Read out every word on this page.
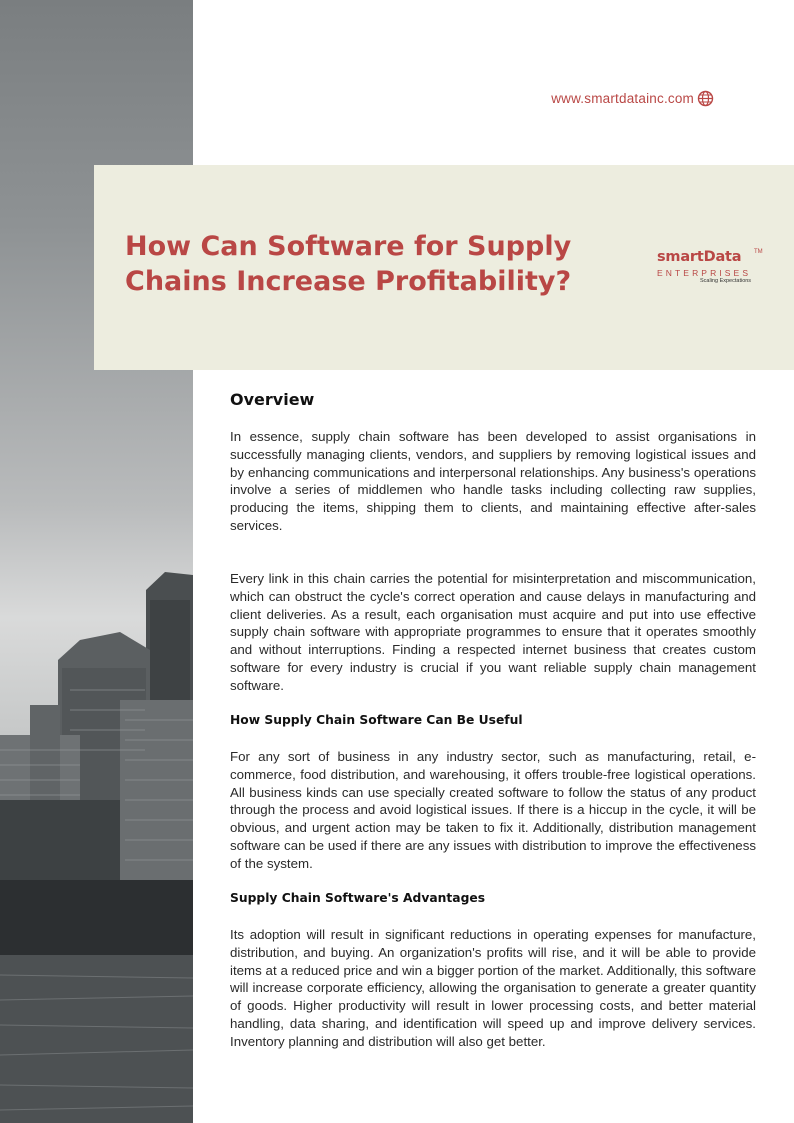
www.smartdatainc.com
How Can Software for Supply Chains Increase Profitability?
smartData TM
ENTERPRISES
Scaling Expectations
Overview

In essence, supply chain software has been developed to assist organisations in successfully managing clients, vendors, and suppliers by removing logistical issues and by enhancing communications and interpersonal relationships. Any business's operations involve a series of middlemen who handle tasks including collecting raw supplies, producing the items, shipping them to clients, and maintaining effective after-sales services.

Every link in this chain carries the potential for misinterpretation and miscommunication, which can obstruct the cycle's correct operation and cause delays in manufacturing and client deliveries. As a result, each organisation must acquire and put into use effective supply chain software with appropriate programmes to ensure that it operates smoothly and without interruptions. Finding a respected internet business that creates custom software for every industry is crucial if you want reliable supply chain management software.

How Supply Chain Software Can Be Useful

For any sort of business in any industry sector, such as manufacturing, retail, e-commerce, food distribution, and warehousing, it offers trouble-free logistical operations. All business kinds can use specially created software to follow the status of any product through the process and avoid logistical issues. If there is a hiccup in the cycle, it will be obvious, and urgent action may be taken to fix it. Additionally, distribution management software can be used if there are any issues with distribution to improve the effectiveness of the system.

Supply Chain Software's Advantages

Its adoption will result in significant reductions in operating expenses for manufacture, distribution, and buying. An organization's profits will rise, and it will be able to provide items at a reduced price and win a bigger portion of the market. Additionally, this software will increase corporate efficiency, allowing the organisation to generate a greater quantity of goods. Higher productivity will result in lower processing costs, and better material handling, data sharing, and identification will speed up and improve delivery services. Inventory planning and distribution will also get better.
